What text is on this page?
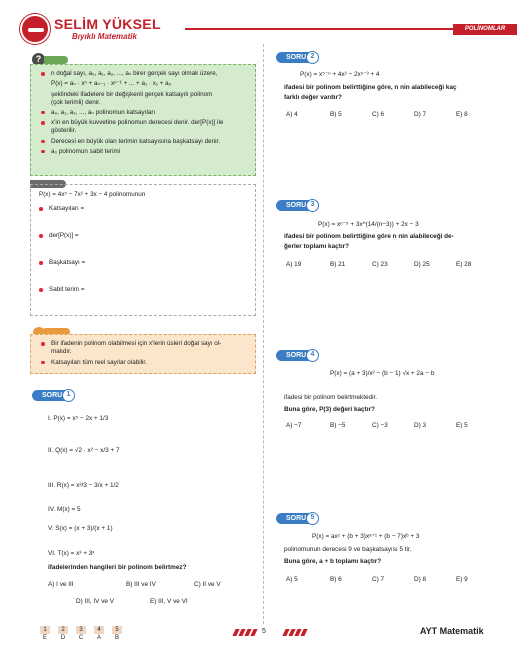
SELİM YÜKSEL
Bıyıklı Matematik
POLİNOMLAR
?

n doğal sayı, a₀, a₁, a₂, ..., aₙ birer gerçek sayı olmak üzere,
P(x) = aₙ · xⁿ + aₙ₋₁ · xⁿ⁻¹ + ... + a₁ · x₁ + a₀
şeklindeki ifadelere bir değişkenli gerçek katsayılı polinom
(çok terimli) denir.
a₀, a₁, a₂, ..., aₙ polinomun katsayıları
x'in en büyük kuvvetine polinomun derecesi denir. der[P(x)] ile
gösterilir.
Derecesi en büyük olan terimin katsayısına başkatsayı denir.
a₀ polinomun sabit terimi

P(x) = 4x⁵ − 7x² + 3x − 4 polinomunun
Katsayıları =
der[P(x)] =
Başkatsayı =
Sabit terim =

Bir ifadenin polinom olabilmesi için x'lerin üsleri doğal sayı ol-
malıdır.
Katsayıları tüm reel sayılar olabilir.
SORU 1
I. P(x) = x⁵ − 2x + 1/3
II. Q(x) = √2 · x² − x/3 + 7
III. R(x) = x³/3 − 3/x + 1/2
IV. M(x) = 5
V. S(x) = (x + 3)/(x + 1)
VI. T(x) = x³ + 3ˣ
ifadelerinden hangileri bir polinom belirtmez?
A) I ve III	B) III ve IV	C) II ve V
D) III, IV ve V	E) III, V ve VI
SORU 2
P(x) = x⁵⁻ⁿ + 4x² − 2xⁿ⁻³ + 4
ifadesi bir polinom belirttiğine göre, n nin alabileceği kaç
farklı değer vardır?
A) 4	B) 5	C) 6	D) 7	E) 8
SORU 3
P(x) = xⁿ⁻⁵ + 3x^(14/(n−3)) + 2x − 3
ifadesi bir polinom belirttiğine göre n nin alabileceği de-
ğerler toplamı kaçtır?
A) 19	B) 21	C) 23	D) 25	E) 28
SORU 4
P(x) = (a + 3)/x² − (b − 1) √x + 2a − b
ifadesi bir polinom belirtmektedir.
Buna göre, P(3) değeri kaçtır?
A) −7	B) −5	C) −3	D) 3	E) 5
SORU 5
P(x) = axᶜ + (b + 3)xᵃ⁺¹ + (b − 7)xᵇ + 3
polinomunun derecesi 9 ve başkatsayısı 5 tir.
Buna göre, a + b toplamı kaçtır?
A) 5	B) 6	C) 7	D) 8	E) 9
1
E
2
D
3
C
4
A
5
B
5	AYT Matematik
